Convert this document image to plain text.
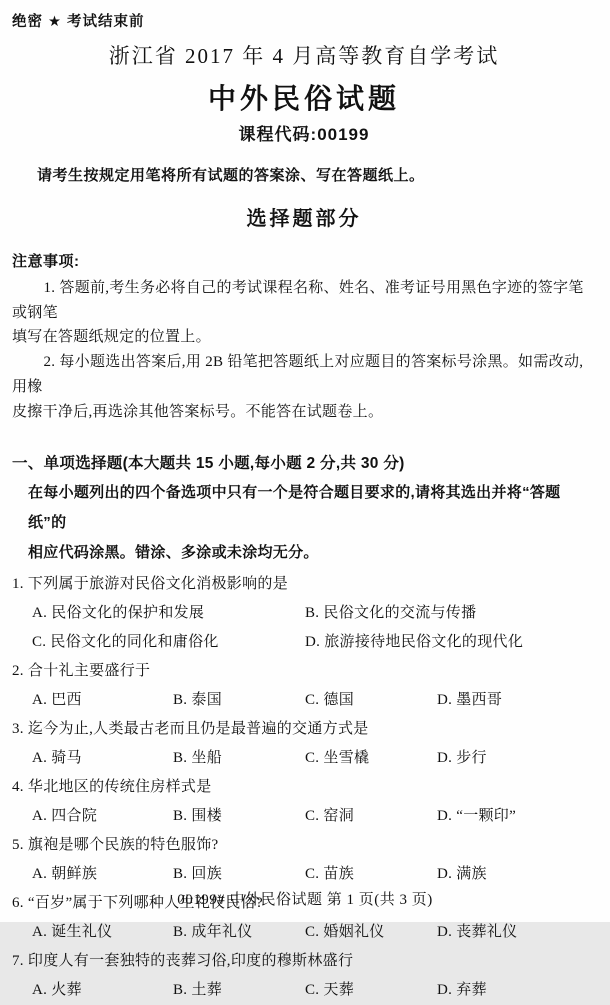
绝密 ★ 考试结束前
浙江省 2017 年 4 月高等教育自学考试
中外民俗试题
课程代码:00199
请考生按规定用笔将所有试题的答案涂、写在答题纸上。
选择题部分
注意事项:
1. 答题前,考生务必将自己的考试课程名称、姓名、准考证号用黑色字迹的签字笔或钢笔
填写在答题纸规定的位置上。
2. 每小题选出答案后,用 2B 铅笔把答题纸上对应题目的答案标号涂黑。如需改动,用橡
皮擦干净后,再选涂其他答案标号。不能答在试题卷上。
一、单项选择题(本大题共 15 小题,每小题 2 分,共 30 分)
在每小题列出的四个备选项中只有一个是符合题目要求的,请将其选出并将“答题纸”的
相应代码涂黑。错涂、多涂或未涂均无分。
1. 下列属于旅游对民俗文化消极影响的是
A. 民俗文化的保护和发展	B. 民俗文化的交流与传播
C. 民俗文化的同化和庸俗化	D. 旅游接待地民俗文化的现代化
2. 合十礼主要盛行于
A. 巴西	B. 泰国	C. 德国	D. 墨西哥
3. 迄今为止,人类最古老而且仍是最普遍的交通方式是
A. 骑马	B. 坐船	C. 坐雪橇	D. 步行
4. 华北地区的传统住房样式是
A. 四合院	B. 围楼	C. 窑洞	D. “一颗印”
5. 旗袍是哪个民族的特色服饰?
A. 朝鲜族	B. 回族	C. 苗族	D. 满族
6. “百岁”属于下列哪种人生礼仪民俗?
A. 诞生礼仪	B. 成年礼仪	C. 婚姻礼仪	D. 丧葬礼仪
7. 印度人有一套独特的丧葬习俗,印度的穆斯林盛行
A. 火葬	B. 土葬	C. 天葬	D. 弃葬
00199# 中外民俗试题 第 1 页(共 3 页)
